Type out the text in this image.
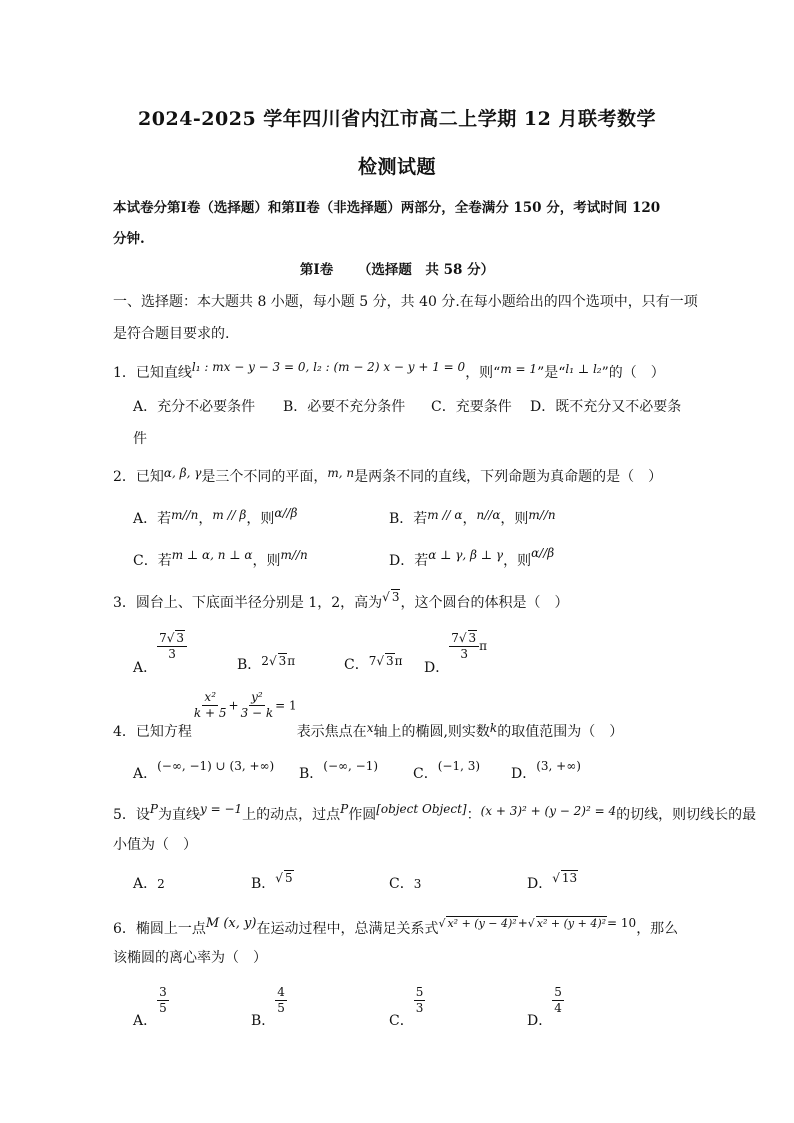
2024-2025 学年四川省内江市高二上学期 12 月联考数学
检测试题
本试卷分第Ⅰ卷（选择题）和第Ⅱ卷（非选择题）两部分，全卷满分 150 分，考试时间 120
分钟.
第Ⅰ卷 （选择题　共 58 分）
一、选择题：本大题共 8 小题，每小题 5 分，共 40 分.在每小题给出的四个选项中，只有一项
是符合题目要求的.
1．已知直线l₁ : mx − y − 3 = 0, l₂ : (m − 2) x − y + 1 = 0，则“m = 1”是“l₁ ⊥ l₂”的（　）
A．充分不必要条件 B．必要不充分条件 C．充要条件 D．既不充分又不必要条
件
2．已知α, β, γ是三个不同的平面，m, n是两条不同的直线，下列命题为真命题的是（　）
A．若m//n，m // β，则α//β	B．若m // α，n//α，则m//n
C．若m ⊥ α, n ⊥ α，则m//n	D．若α ⊥ γ, β ⊥ γ，则α//β
3．圆台上、下底面半径分别是 1，2，高为 √ 3，这个圆台的体积是（　）
A．
$\frac{7 √ 3}{3}$
B．2 √ 3π	C．7 √ 3π D．
$\frac{7 √ 3}{3}$ π
4．已知方程
$\frac{\text{x²}}{k + 5} + \frac{\text{y²}}{3 - k} = 1$表示焦点在x轴上的椭圆,则实数k的取值范围为（　）
A．(−∞, −1) ∪ (3, +∞) B．(−∞, −1) C．(−1, 3) D．(3, +∞)
5．设P为直线y = −1上的动点，过点P作圆[object Object]：(x + 3)² + (y − 2)² = 4的切线，则切线长的最
小值为（　）
A．2	B． √ 5	C．3	D． √ 13
6．椭圆上一点M (x, y)在运动过程中，总满足关系式 √ $^{x^2 + (y - 4)^2}$+ √ $^{x^2 + (y + 4)^2}$= 10，那么
该椭圆的离心率为（　）
A．
$\frac{3}{5}$
B．
$\frac{4}{5}$
C．
$\frac{5}{3}$
D．
$\frac{5}{4}$
